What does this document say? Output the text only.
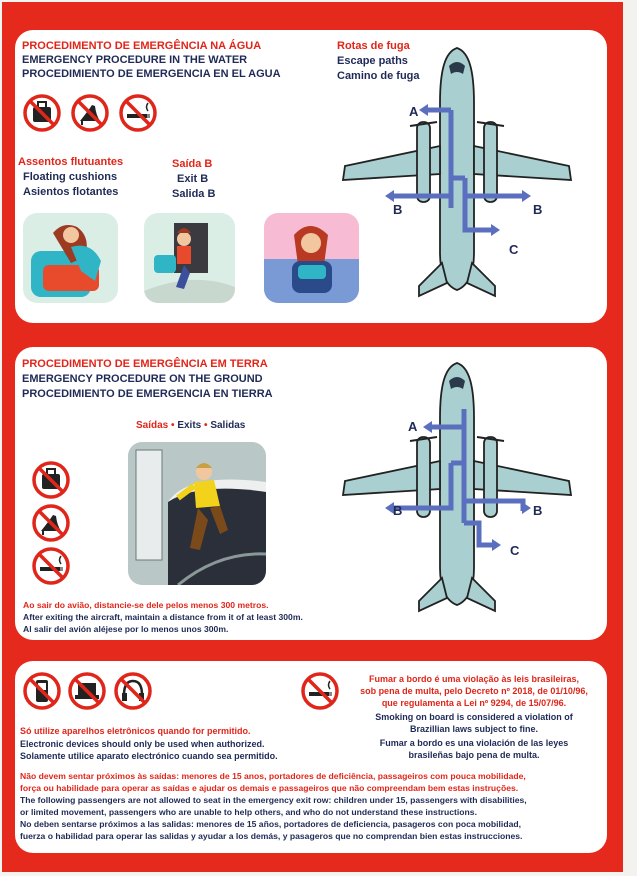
PROCEDIMENTO DE EMERGÊNCIA NA ÁGUA
EMERGENCY PROCEDURE IN THE WATER
PROCEDIMIENTO DE EMERGENCIA EN EL AGUA
Assentos flutuantes
Floating cushions
Asientos flotantes
Saída B
Exit B
Salida B
Rotas de fuga
Escape paths
Camino de fuga
A
B	B
C
PROCEDIMENTO DE EMERGÊNCIA EM TERRA
EMERGENCY PROCEDURE ON THE GROUND
PROCEDIMIENTO DE EMERGENCIA EN TIERRA
Saídas • Exits • Salidas
Ao sair do avião, distancie-se dele pelos menos 300 metros.
After exiting the aircraft, maintain a distance from it of at least 300m.
Al salir del avión aléjese por lo menos unos 300m.
A
B	B
C
Fumar a bordo é uma violação às leis brasileiras,
sob pena de multa, pelo Decreto nº 2018, de 01/10/96,
que regulamenta a Lei nº 9294, de 15/07/96.
Smoking on board is considered a violation of
Brazillian laws subject to fine.
Fumar a bordo es una violación de las leyes
brasileñas bajo pena de multa.
Só utilize aparelhos eletrônicos quando for permitido.
Electronic devices should only be used when authorized.
Solamente utilice aparato electrónico cuando sea permitido.
Não devem sentar próximos às saídas: menores de 15 anos, portadores de deficiência, passageiros com pouca mobilidade,
força ou habilidade para operar as saídas e ajudar os demais e passageiros que não compreendam bem estas instruções.
The following passengers are not allowed to seat in the emergency exit row: children under 15, passengers with disabilities,
or limited movement, passengers who are unable to help others, and who do not understand these instructions.
No deben sentarse próximos a las salidas: menores de 15 años, portadores de deficiencia, pasageros con poca mobilidad,
fuerza o habilidad para operar las salidas y ayudar a los demás, y pasageros que no comprendan bien estas instrucciones.
